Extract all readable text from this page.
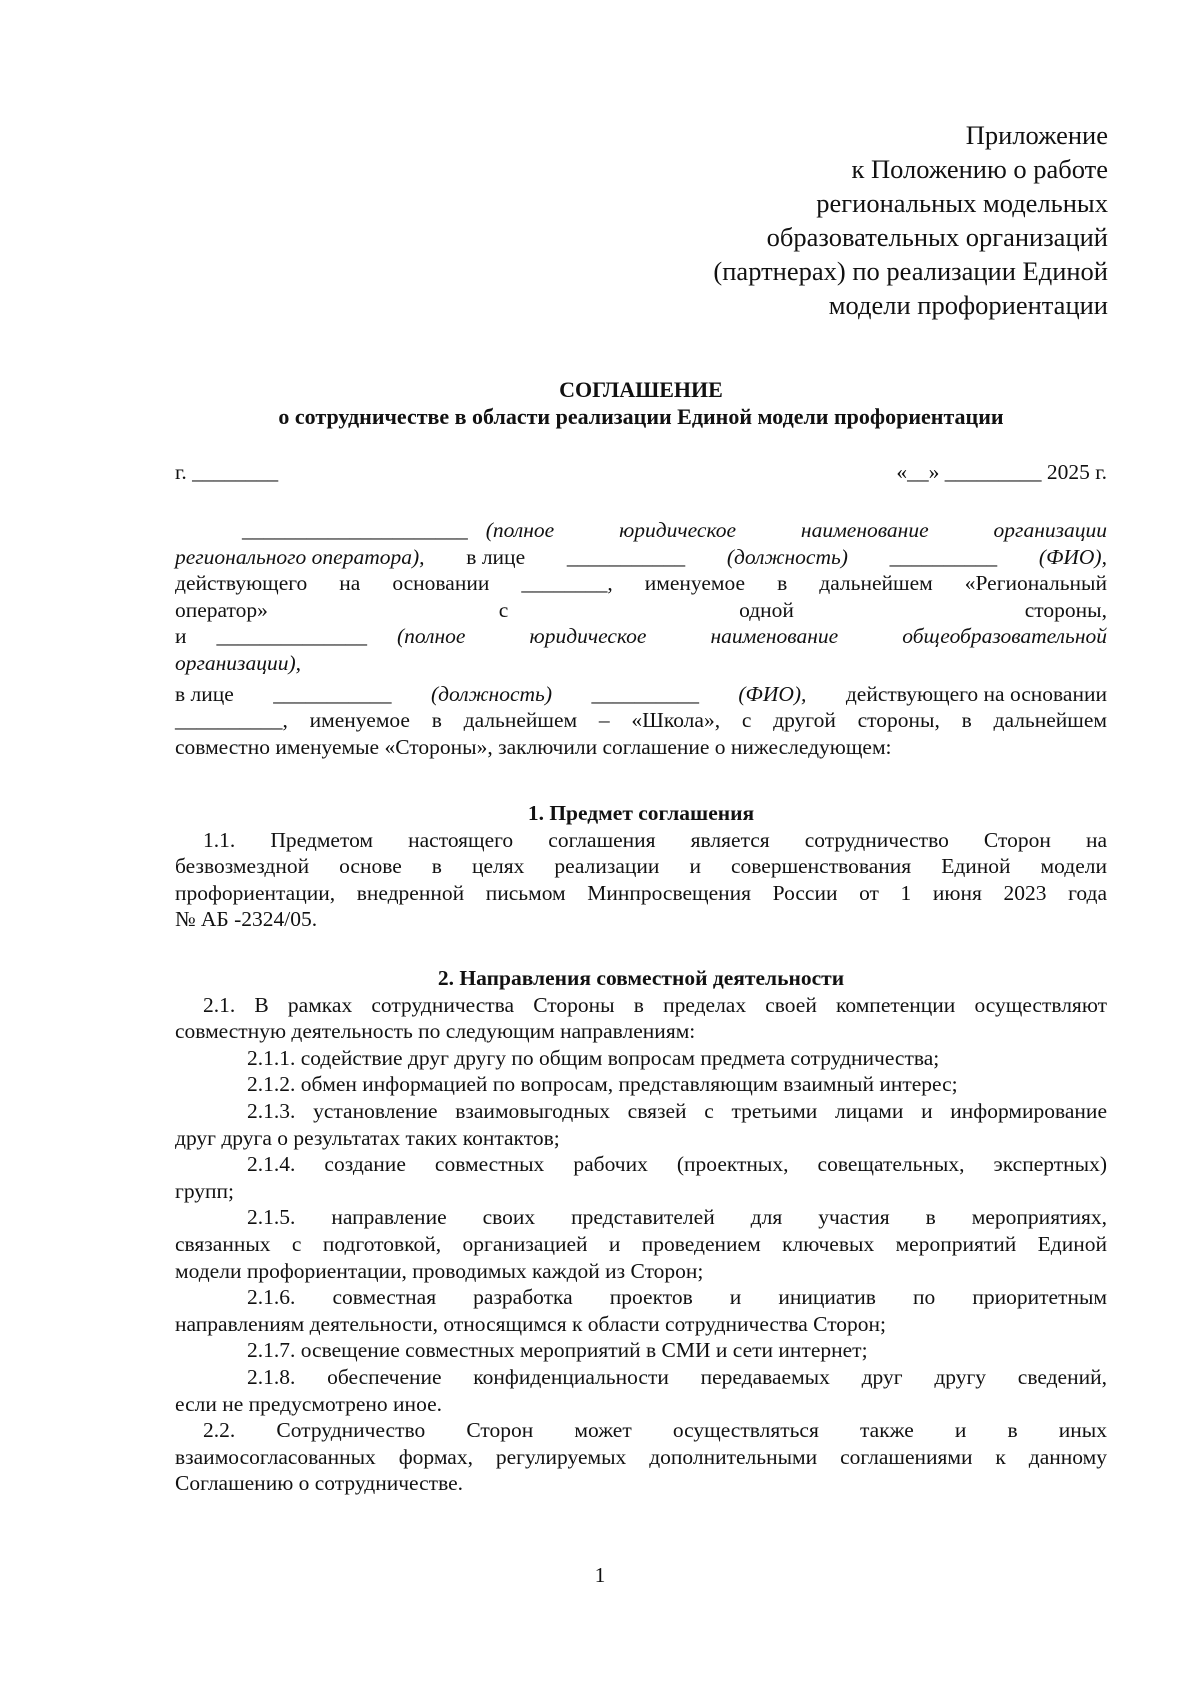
Приложение
к Положению о работе
региональных модельных
образовательных организаций
(партнерах) по реализации Единой
модели профориентации
СОГЛАШЕНИЕ
о сотрудничестве в области реализации Единой модели профориентации
г. ________	«__» _________ 2025 г.
_____________________ (полное юридическое наименование организации
регионального оператора), в лице ___________ (должность) __________ (ФИО),
действующего на основании ________, именуемое в дальнейшем «Региональный
оператор»	с	одной	стороны,
и ______________ (полное юридическое наименование общеобразовательной
организации),
в лице ___________ (должность) __________ (ФИО), действующего на основании
__________, именуемое в дальнейшем – «Школа», с другой стороны, в дальнейшем
совместно именуемые «Стороны», заключили соглашение о нижеследующем:
1. Предмет соглашения
1.1. Предметом настоящего соглашения является сотрудничество Сторон на
безвозмездной основе в целях реализации и совершенствования Единой модели
профориентации, внедренной письмом Минпросвещения России от 1 июня 2023 года
№ АБ -2324/05.
2. Направления совместной деятельности
2.1. В рамках сотрудничества Стороны в пределах своей компетенции осуществляют
совместную деятельность по следующим направлениям:
2.1.1. содействие друг другу по общим вопросам предмета сотрудничества;
2.1.2. обмен информацией по вопросам, представляющим взаимный интерес;
2.1.3. установление взаимовыгодных связей с третьими лицами и информирование
друг друга о результатах таких контактов;
2.1.4. создание совместных рабочих (проектных, совещательных, экспертных)
групп;
2.1.5. направление своих представителей для участия в мероприятиях,
связанных с подготовкой, организацией и проведением ключевых мероприятий Единой
модели профориентации, проводимых каждой из Сторон;
2.1.6. совместная разработка проектов и инициатив по приоритетным
направлениям деятельности, относящимся к области сотрудничества Сторон;
2.1.7. освещение совместных мероприятий в СМИ и сети интернет;
2.1.8. обеспечение конфиденциальности передаваемых друг другу сведений,
если не предусмотрено иное.
2.2. Сотрудничество Сторон может осуществляться также и в иных
взаимосогласованных формах, регулируемых дополнительными соглашениями к данному
Соглашению о сотрудничестве.
1
